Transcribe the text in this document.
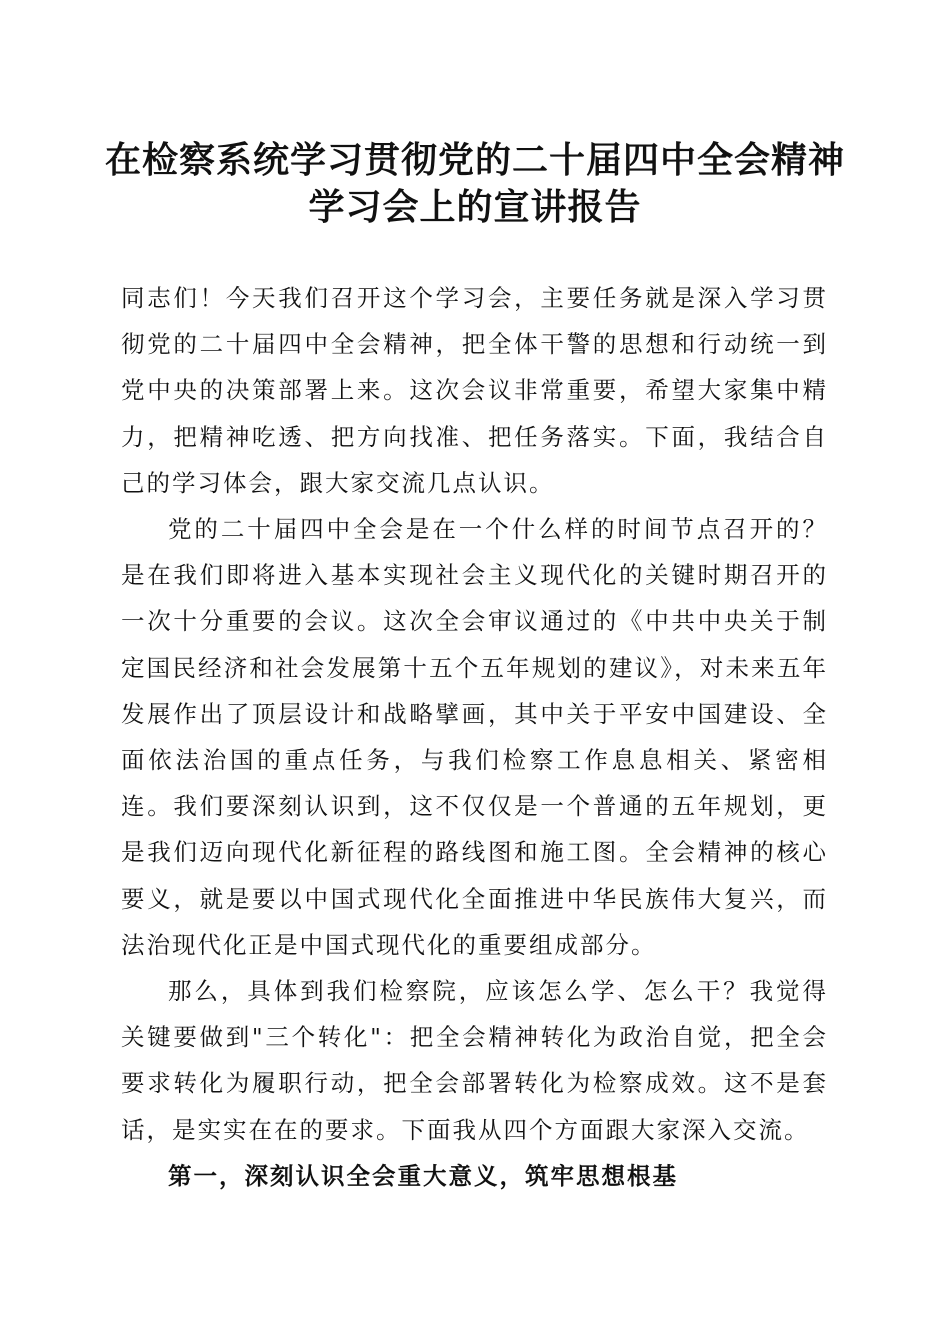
在检察系统学习贯彻党的二十届四中全会精神
学习会上的宣讲报告

同志们！今天我们召开这个学习会，主要任务就是深入学习贯彻党的二十届四中全会精神，把全体干警的思想和行动统一到党中央的决策部署上来。这次会议非常重要，希望大家集中精力，把精神吃透、把方向找准、把任务落实。下面，我结合自己的学习体会，跟大家交流几点认识。

党的二十届四中全会是在一个什么样的时间节点召开的？是在我们即将进入基本实现社会主义现代化的关键时期召开的一次十分重要的会议。这次全会审议通过的《中共中央关于制定国民经济和社会发展第十五个五年规划的建议》，对未来五年发展作出了顶层设计和战略擘画，其中关于平安中国建设、全面依法治国的重点任务，与我们检察工作息息相关、紧密相连。我们要深刻认识到，这不仅仅是一个普通的五年规划，更是我们迈向现代化新征程的路线图和施工图。全会精神的核心要义，就是要以中国式现代化全面推进中华民族伟大复兴，而法治现代化正是中国式现代化的重要组成部分。

那么，具体到我们检察院，应该怎么学、怎么干？我觉得关键要做到"三个转化"：把全会精神转化为政治自觉，把全会要求转化为履职行动，把全会部署转化为检察成效。这不是套话，是实实在在的要求。下面我从四个方面跟大家深入交流。

第一，深刻认识全会重大意义，筑牢思想根基
